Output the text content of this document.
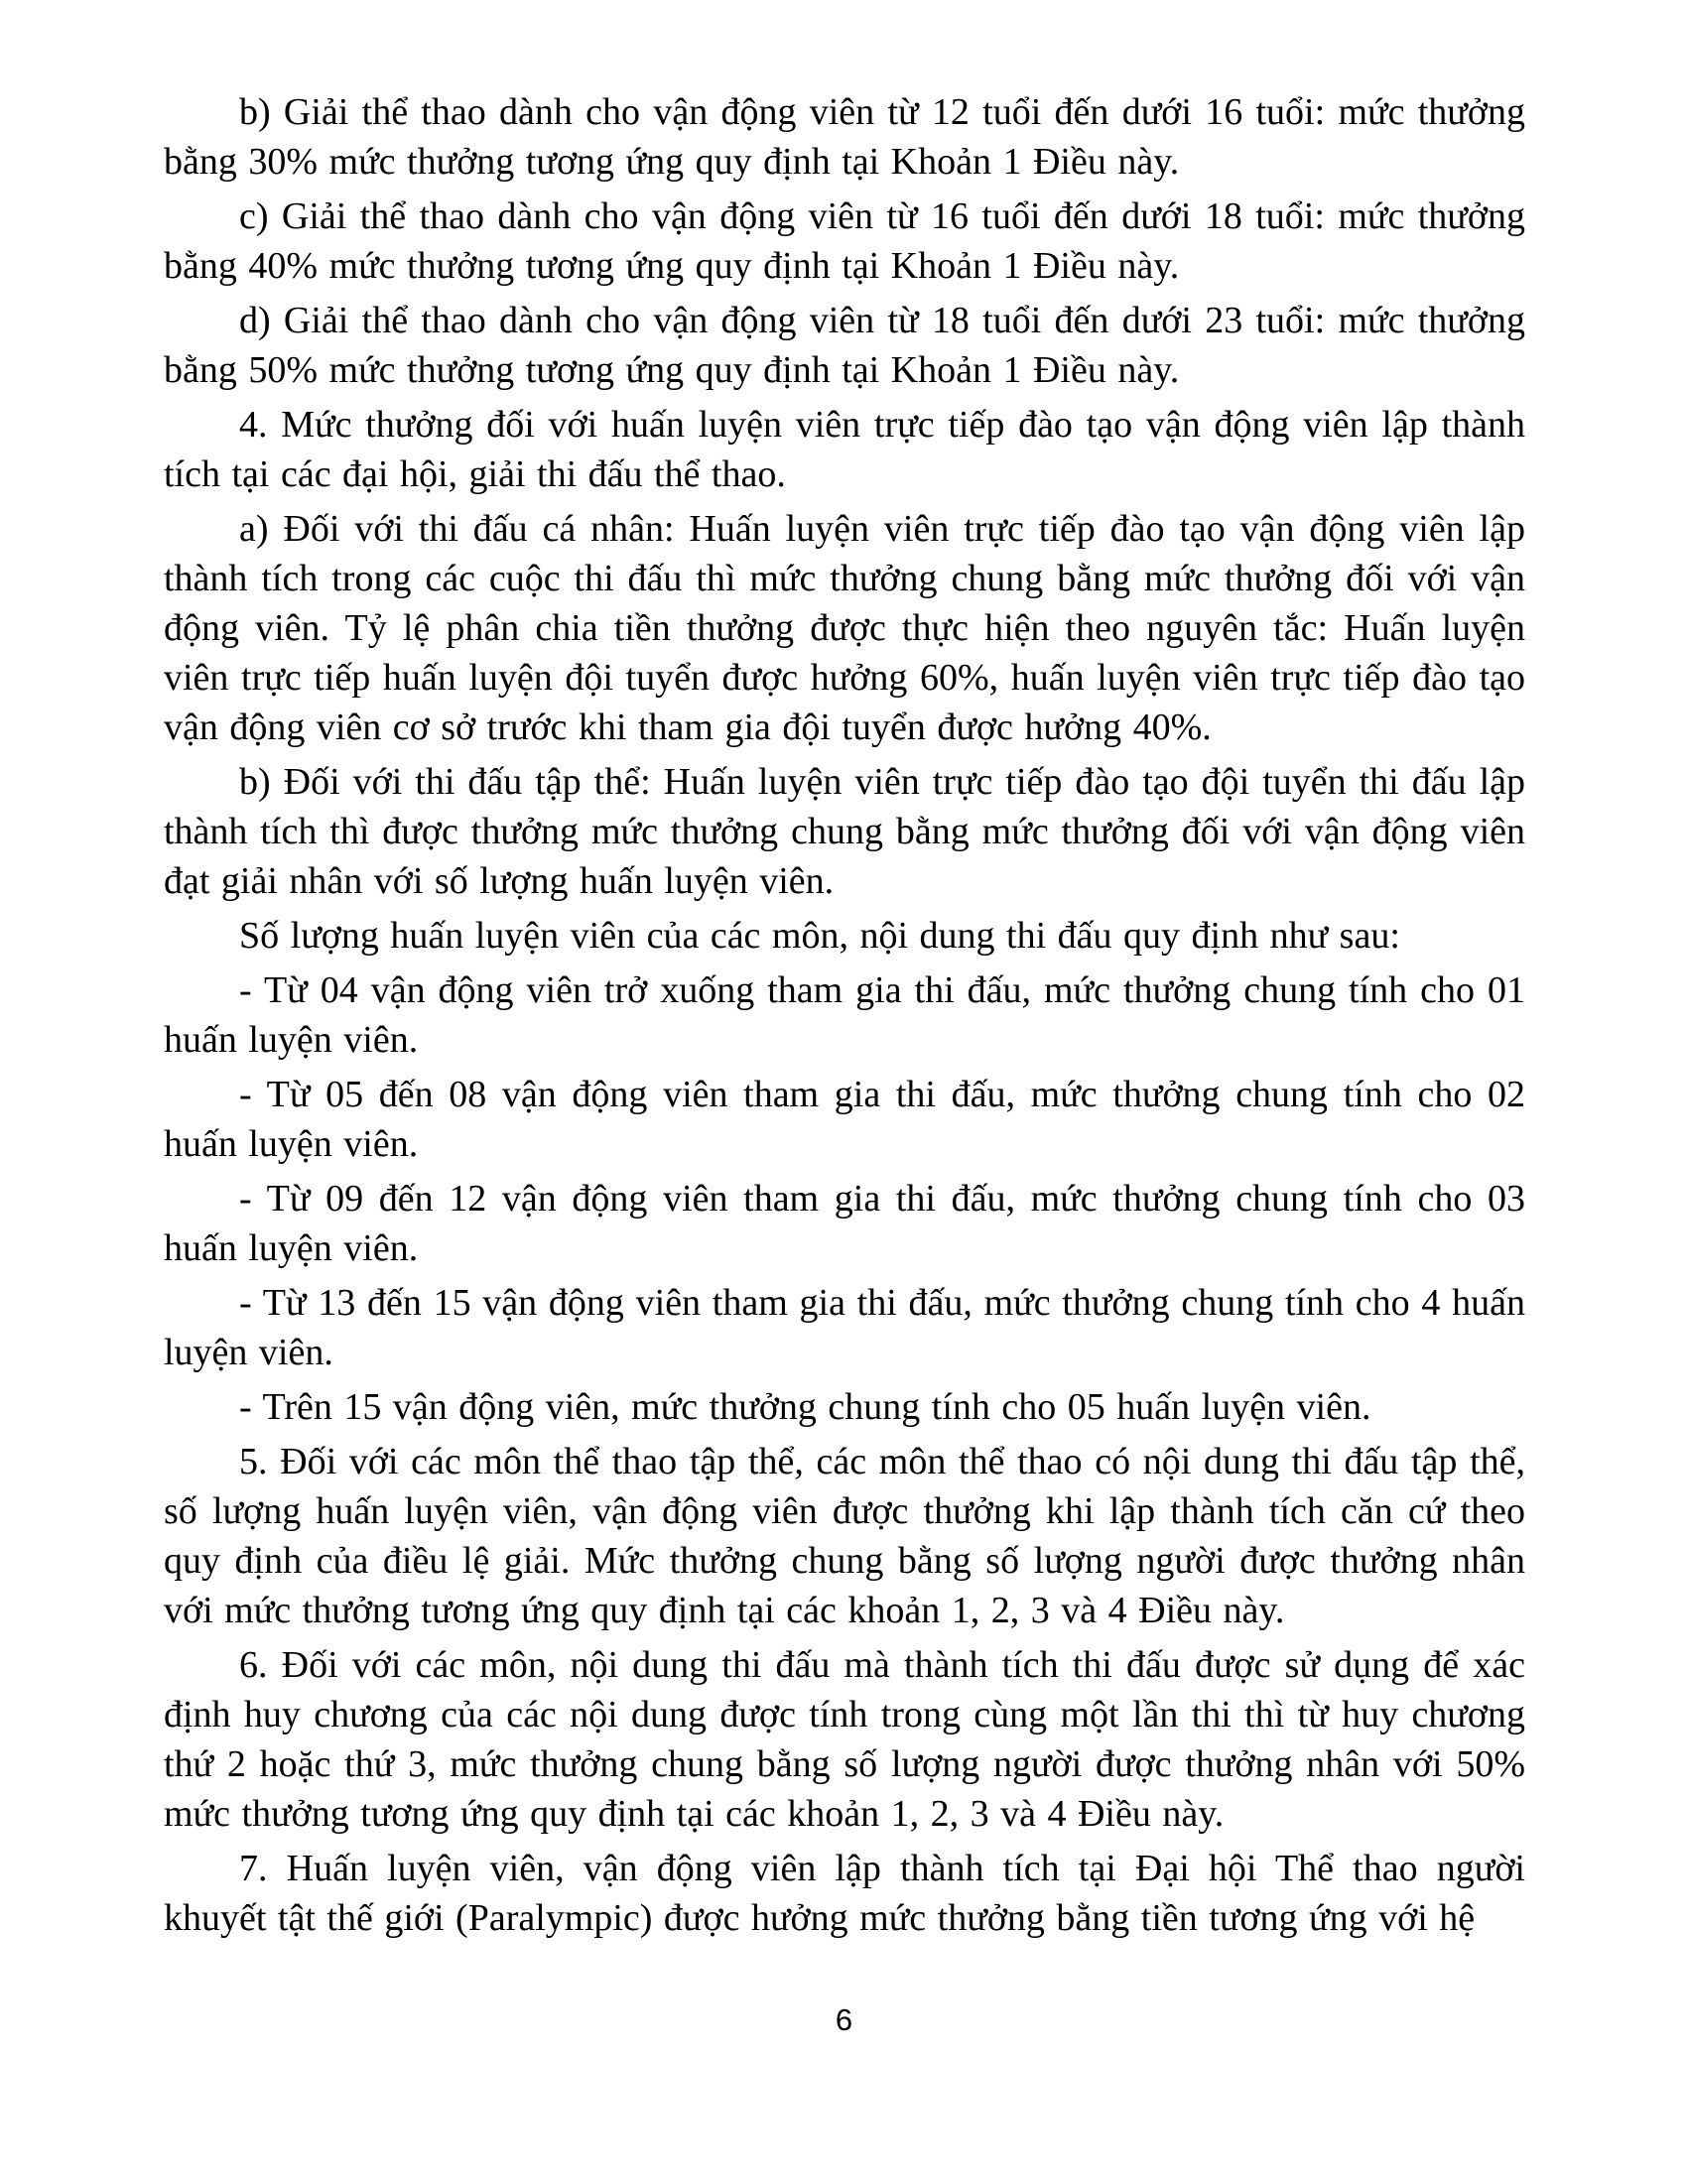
b) Giải thể thao dành cho vận động viên từ 12 tuổi đến dưới 16 tuổi: mức thưởng bằng 30% mức thưởng tương ứng quy định tại Khoản 1 Điều này.

c) Giải thể thao dành cho vận động viên từ 16 tuổi đến dưới 18 tuổi: mức thưởng bằng 40% mức thưởng tương ứng quy định tại Khoản 1 Điều này.

d) Giải thể thao dành cho vận động viên từ 18 tuổi đến dưới 23 tuổi: mức thưởng bằng 50% mức thưởng tương ứng quy định tại Khoản 1 Điều này.

4. Mức thưởng đối với huấn luyện viên trực tiếp đào tạo vận động viên lập thành tích tại các đại hội, giải thi đấu thể thao.

a) Đối với thi đấu cá nhân: Huấn luyện viên trực tiếp đào tạo vận động viên lập thành tích trong các cuộc thi đấu thì mức thưởng chung bằng mức thưởng đối với vận động viên. Tỷ lệ phân chia tiền thưởng được thực hiện theo nguyên tắc: Huấn luyện viên trực tiếp huấn luyện đội tuyển được hưởng 60%, huấn luyện viên trực tiếp đào tạo vận động viên cơ sở trước khi tham gia đội tuyển được hưởng 40%.

b) Đối với thi đấu tập thể: Huấn luyện viên trực tiếp đào tạo đội tuyển thi đấu lập thành tích thì được thưởng mức thưởng chung bằng mức thưởng đối với vận động viên đạt giải nhân với số lượng huấn luyện viên.

Số lượng huấn luyện viên của các môn, nội dung thi đấu quy định như sau:

- Từ 04 vận động viên trở xuống tham gia thi đấu, mức thưởng chung tính cho 01 huấn luyện viên.

- Từ 05 đến 08 vận động viên tham gia thi đấu, mức thưởng chung tính cho 02 huấn luyện viên.

- Từ 09 đến 12 vận động viên tham gia thi đấu, mức thưởng chung tính cho 03 huấn luyện viên.

- Từ 13 đến 15 vận động viên tham gia thi đấu, mức thưởng chung tính cho 4 huấn luyện viên.

- Trên 15 vận động viên, mức thưởng chung tính cho 05 huấn luyện viên.

5. Đối với các môn thể thao tập thể, các môn thể thao có nội dung thi đấu tập thể, số lượng huấn luyện viên, vận động viên được thưởng khi lập thành tích căn cứ theo quy định của điều lệ giải. Mức thưởng chung bằng số lượng người được thưởng nhân với mức thưởng tương ứng quy định tại các khoản 1, 2, 3 và 4 Điều này.

6. Đối với các môn, nội dung thi đấu mà thành tích thi đấu được sử dụng để xác định huy chương của các nội dung được tính trong cùng một lần thi thì từ huy chương thứ 2 hoặc thứ 3, mức thưởng chung bằng số lượng người được thưởng nhân với 50% mức thưởng tương ứng quy định tại các khoản 1, 2, 3 và 4 Điều này.

7. Huấn luyện viên, vận động viên lập thành tích tại Đại hội Thể thao người khuyết tật thế giới (Paralympic) được hưởng mức thưởng bằng tiền tương ứng với hệ

6
